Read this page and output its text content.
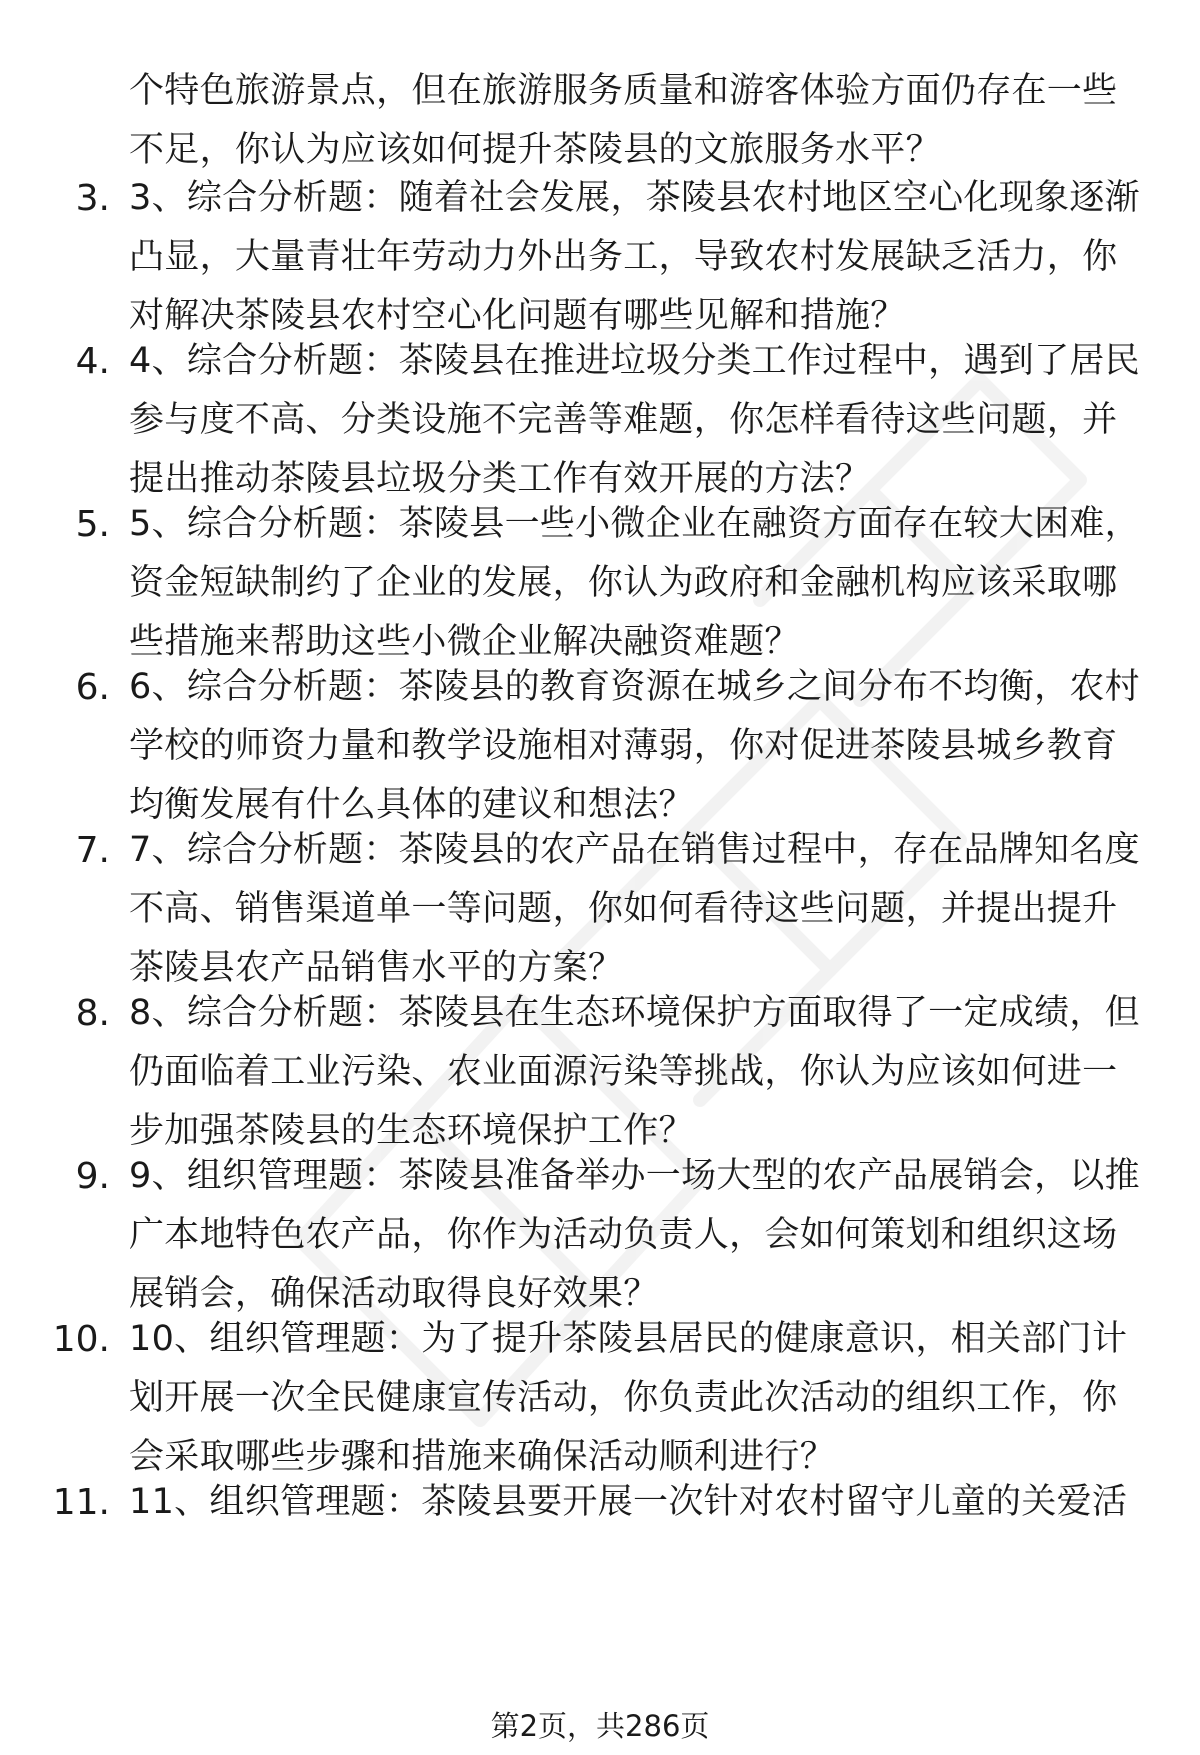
个特色旅游景点，但在旅游服务质量和游客体验方面仍存在一些
不足，你认为应该如何提升茶陵县的文旅服务水平？
3. 3、综合分析题：随着社会发展，茶陵县农村地区空心化现象逐渐
凸显，大量青壮年劳动力外出务工，导致农村发展缺乏活力，你
对解决茶陵县农村空心化问题有哪些见解和措施？
4. 4、综合分析题：茶陵县在推进垃圾分类工作过程中，遇到了居民
参与度不高、分类设施不完善等难题，你怎样看待这些问题，并
提出推动茶陵县垃圾分类工作有效开展的方法？
5. 5、综合分析题：茶陵县一些小微企业在融资方面存在较大困难，
资金短缺制约了企业的发展，你认为政府和金融机构应该采取哪
些措施来帮助这些小微企业解决融资难题？
6. 6、综合分析题：茶陵县的教育资源在城乡之间分布不均衡，农村
学校的师资力量和教学设施相对薄弱，你对促进茶陵县城乡教育
均衡发展有什么具体的建议和想法？
7. 7、综合分析题：茶陵县的农产品在销售过程中，存在品牌知名度
不高、销售渠道单一等问题，你如何看待这些问题，并提出提升
茶陵县农产品销售水平的方案？
8. 8、综合分析题：茶陵县在生态环境保护方面取得了一定成绩，但
仍面临着工业污染、农业面源污染等挑战，你认为应该如何进一
步加强茶陵县的生态环境保护工作？
9. 9、组织管理题：茶陵县准备举办一场大型的农产品展销会，以推
广本地特色农产品，你作为活动负责人，会如何策划和组织这场
展销会，确保活动取得良好效果？
10. 10、组织管理题：为了提升茶陵县居民的健康意识，相关部门计
划开展一次全民健康宣传活动，你负责此次活动的组织工作，你
会采取哪些步骤和措施来确保活动顺利进行？
11. 11、组织管理题：茶陵县要开展一次针对农村留守儿童的关爱活
第2页，共286页
